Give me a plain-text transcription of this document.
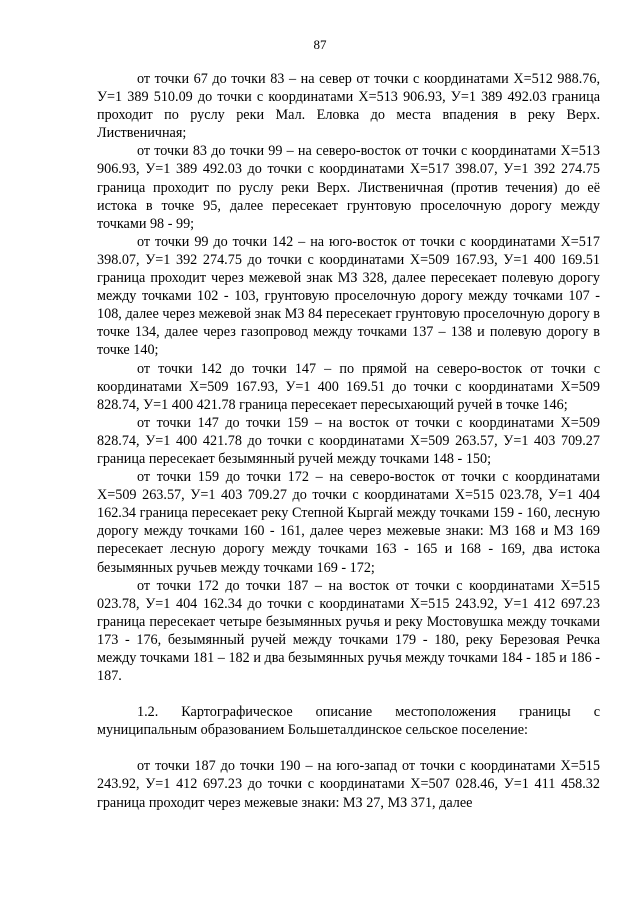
87

от точки 67 до точки 83 – на север от точки с координатами Х=512 988.76, У=1 389 510.09 до точки с координатами Х=513 906.93, У=1 389 492.03 граница проходит по руслу реки Мал. Еловка до места впадения в реку Верх. Лиственичная;

от точки 83 до точки 99 – на северо-восток от точки с координатами Х=513 906.93, У=1 389 492.03 до точки с координатами Х=517 398.07, У=1 392 274.75 граница проходит по руслу реки Верх. Лиственичная (против течения) до её истока в точке 95, далее пересекает грунтовую проселочную дорогу между точками 98 - 99;

от точки 99 до точки 142 – на юго-восток от точки с координатами Х=517 398.07, У=1 392 274.75 до точки с координатами Х=509 167.93, У=1 400 169.51 граница проходит через межевой знак МЗ 328, далее пересекает полевую дорогу между точками 102 - 103, грунтовую проселочную дорогу между точками 107 - 108, далее через межевой знак МЗ 84 пересекает грунтовую проселочную дорогу в точке 134, далее через газопровод между точками 137 – 138 и полевую дорогу в точке 140;

от точки 142 до точки 147 – по прямой на северо-восток от точки с координатами Х=509 167.93, У=1 400 169.51 до точки с координатами Х=509 828.74, У=1 400 421.78 граница пересекает пересыхающий ручей в точке 146;

от точки 147 до точки 159 – на восток от точки с координатами Х=509 828.74, У=1 400 421.78 до точки с координатами Х=509 263.57, У=1 403 709.27 граница пересекает безымянный ручей между точками 148 - 150;

от точки 159 до точки 172 – на северо-восток от точки с координатами Х=509 263.57, У=1 403 709.27 до точки с координатами Х=515 023.78, У=1 404 162.34 граница пересекает реку Степной Кыргай между точками 159 - 160, лесную дорогу между точками 160 - 161, далее через межевые знаки: МЗ 168 и МЗ 169 пересекает лесную дорогу между точками 163 - 165 и 168 - 169, два истока безымянных ручьев между точками 169 - 172;

от точки 172 до точки 187 – на восток от точки с координатами Х=515 023.78, У=1 404 162.34 до точки с координатами Х=515 243.92, У=1 412 697.23 граница пересекает четыре безымянных ручья и реку Мостовушка между точками 173 - 176, безымянный ручей между точками 179 - 180, реку Березовая Речка между точками 181 – 182 и два безымянных ручья между точками 184 - 185 и 186 - 187.

1.2. Картографическое описание местоположения границы с муниципальным образованием Большеталдинское сельское поселение:

от точки 187 до точки 190 – на юго-запад от точки с координатами Х=515 243.92, У=1 412 697.23 до точки с координатами Х=507 028.46, У=1 411 458.32 граница проходит через межевые знаки: МЗ 27, МЗ 371, далее
